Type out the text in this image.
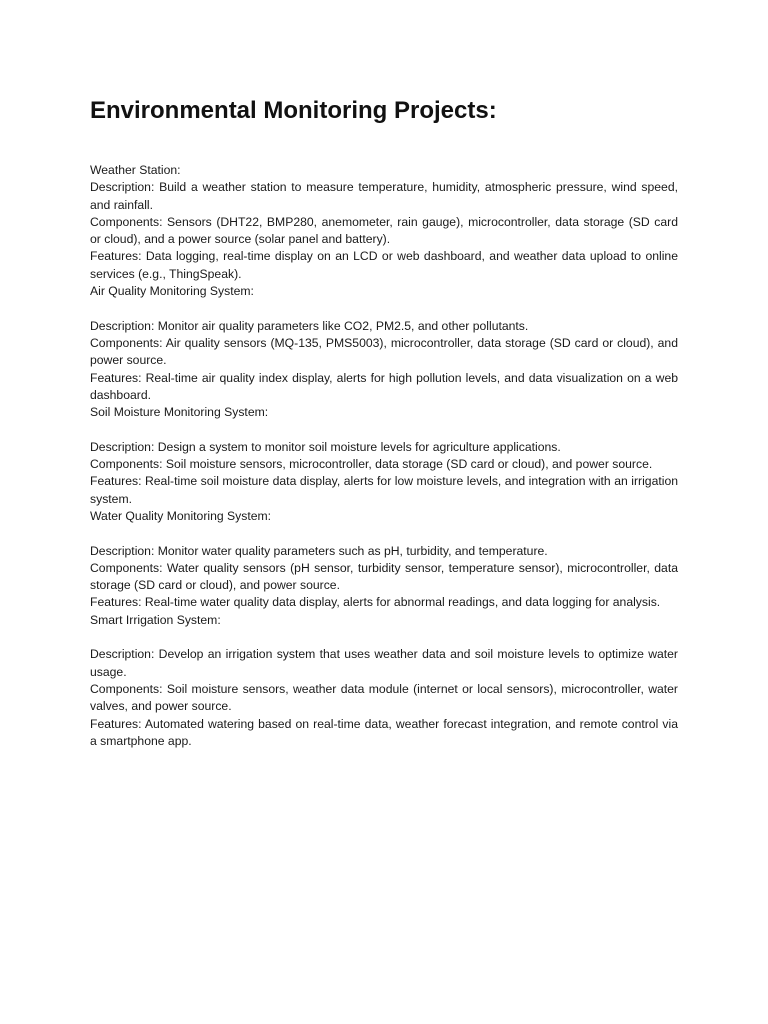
Environmental Monitoring Projects:

Weather Station:

Description: Build a weather station to measure temperature, humidity, atmospheric pressure, wind speed, and rainfall.

Components: Sensors (DHT22, BMP280, anemometer, rain gauge), microcontroller, data storage (SD card or cloud), and a power source (solar panel and battery).

Features: Data logging, real-time display on an LCD or web dashboard, and weather data upload to online services (e.g., ThingSpeak).

Air Quality Monitoring System:

Description: Monitor air quality parameters like CO2, PM2.5, and other pollutants.

Components: Air quality sensors (MQ-135, PMS5003), microcontroller, data storage (SD card or cloud), and power source.

Features: Real-time air quality index display, alerts for high pollution levels, and data visualization on a web dashboard.

Soil Moisture Monitoring System:

Description: Design a system to monitor soil moisture levels for agriculture applications.

Components: Soil moisture sensors, microcontroller, data storage (SD card or cloud), and power source.

Features: Real-time soil moisture data display, alerts for low moisture levels, and integration with an irrigation system.

Water Quality Monitoring System:

Description: Monitor water quality parameters such as pH, turbidity, and temperature.

Components: Water quality sensors (pH sensor, turbidity sensor, temperature sensor), microcontroller, data storage (SD card or cloud), and power source.

Features: Real-time water quality data display, alerts for abnormal readings, and data logging for analysis.

Smart Irrigation System:

Description: Develop an irrigation system that uses weather data and soil moisture levels to optimize water usage.

Components: Soil moisture sensors, weather data module (internet or local sensors), microcontroller, water valves, and power source.

Features: Automated watering based on real-time data, weather forecast integration, and remote control via a smartphone app.
